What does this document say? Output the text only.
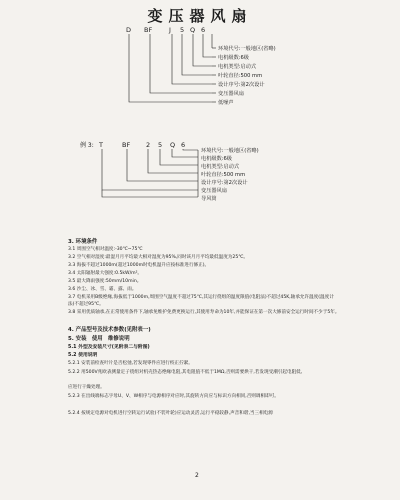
变压器风扇
D BF	J 5 Q 6
环境代号:一般地区(省略)
电机级数:6级
电机类型:启动式
叶轮直径:500 mm
设计序号:第2次设计
变压器风扇
低噪声
例 3: T	BF 2 5 Q 6
环境代号:一般地区(省略)
电机级数:6级
电机类型:启动式
叶轮直径:500 mm
设计序号:第2次设计
变压器风扇
导风筒
3. 环境条件
3.1 周围空气相对温度:-30℃~75℃
3.2 空气相对湿度:最湿月月平均最大相对湿度为95%,同时该月月平均最低温度为25℃。
3.3 海拔不超过1000m(超过1000m时电机温升应按标准进行修正)。
3.4 太阳辐射最大强度:0.5kW/m²。
3.5 最大降雨强度:50mm/10min。
3.6 沙尘、冰、雪、霜、露、雨。
3.7 电机采用B级绝缘,海拔低于1000m,周围空气温度不超过75℃,其运行绕组的温度限值(电阻法)不超过45K,轴承允许温度(温度计法)不超过95℃。
3.8 采用优质轴承,在正常使用条件下,轴承免维护免费更换运行,其使用寿命为10年,并能保证在第一次大修前安全运行时间不少于5年。
4. 产品型号及技术参数(见附表一)
5. 安装　使用　维修说明
5.1 外型及安装尺寸(见附表二与附图)
5.2 使用说明
5.2.1 安装前检查叶片是否松弛,若发现零件应进行校正拧紧。
5.2.2 用500V兆欧表测量定子绕组对机壳热态绝缘电阻,其电阻值不低于1MΩ,否则需要烘干,若发现受潮引起电阻低,
应进行干燥处理。
5.2.3 在出线端标志字母U、V、W相序与电源相序对应时,其旋转方向应与标识方向相同,否则调相即可。
5.2.4 按规定电源对电机进行空转运行试验(不装叶轮)应运动灵活,运行平稳较静,声音和谐,当三相电源
2
